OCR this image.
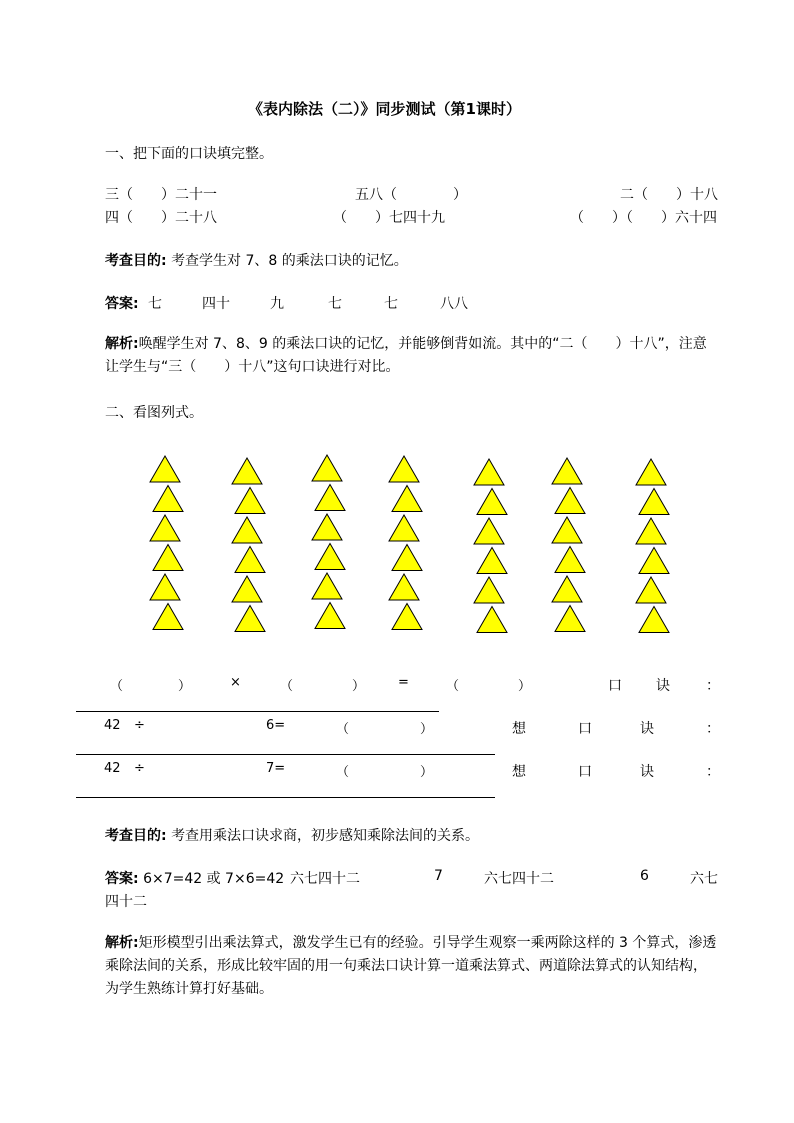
《表内除法（二）》同步测试（第1课时）
一、把下面的口诀填完整。
三（　　）二十一	五八（　　　　）	二（　　）十八
四（　　）二十八	（　　）七四十九	（　　）（　　）六十四
考查目的: 考查学生对 7、8 的乘法口诀的记忆。
答案: 七	四十	九	七	七	八八
解析:唤醒学生对 7、8、9 的乘法口诀的记忆，并能够倒背如流。其中的“二（　　）十八”，注意让学生与“三（　　）十八”这句口诀进行对比。
二、看图列式。
（	）	×	（	）	=	（	）	口 诀	：
42 ÷	6=	（	）	想	口	诀	：
42 ÷	7=	（	）	想	口	诀	：
考查目的: 考查用乘法口诀求商，初步感知乘除法间的关系。
答案: 6×7=42 或 7×6=42 六七四十二	7	六七四十二	6	六七
四十二
解析:矩形模型引出乘法算式，激发学生已有的经验。引导学生观察一乘两除这样的 3 个算式，渗透乘除法间的关系，形成比较牢固的用一句乘法口诀计算一道乘法算式、两道除法算式的认知结构，为学生熟练计算打好基础。
